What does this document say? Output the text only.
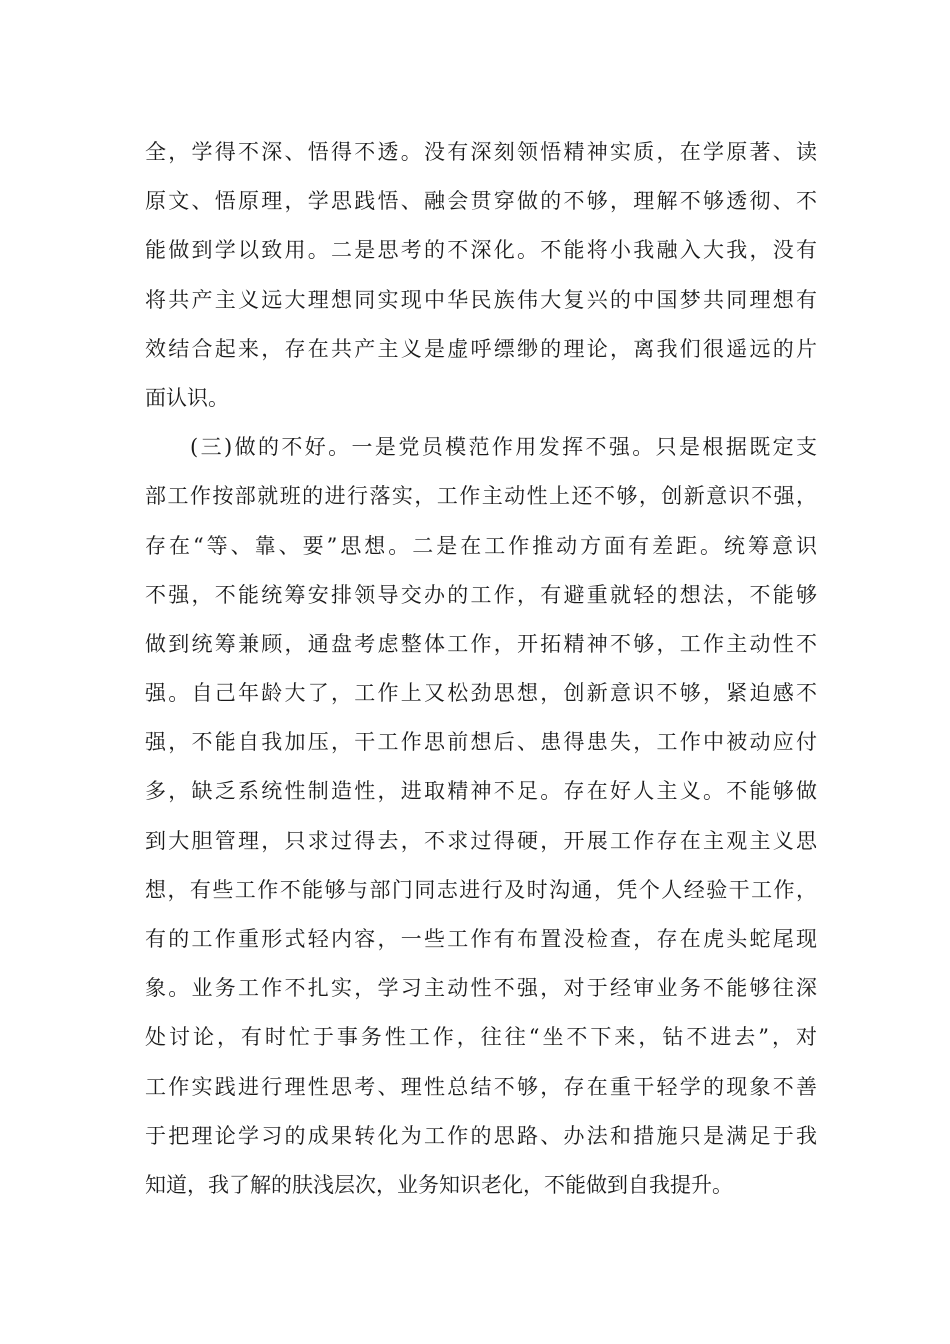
全，学得不深、悟得不透。没有深刻领悟精神实质，在学原著、读
原文、悟原理，学思践悟、融会贯穿做的不够，理解不够透彻、不
能做到学以致用。二是思考的不深化。不能将小我融入大我，没有
将共产主义远大理想同实现中华民族伟大复兴的中国梦共同理想有
效结合起来，存在共产主义是虚呼缥缈的理论，离我们很遥远的片
面认识。
(三)做的不好。一是党员模范作用发挥不强。只是根据既定支
部工作按部就班的进行落实，工作主动性上还不够，创新意识不强，
存在“等、靠、要”思想。二是在工作推动方面有差距。统筹意识
不强，不能统筹安排领导交办的工作，有避重就轻的想法，不能够
做到统筹兼顾，通盘考虑整体工作，开拓精神不够，工作主动性不
强。自己年龄大了，工作上又松劲思想，创新意识不够，紧迫感不
强，不能自我加压，干工作思前想后、患得患失，工作中被动应付
多，缺乏系统性制造性，进取精神不足。存在好人主义。不能够做
到大胆管理，只求过得去，不求过得硬，开展工作存在主观主义思
想，有些工作不能够与部门同志进行及时沟通，凭个人经验干工作，
有的工作重形式轻内容，一些工作有布置没检查，存在虎头蛇尾现
象。业务工作不扎实，学习主动性不强，对于经审业务不能够往深
处讨论，有时忙于事务性工作，往往“坐不下来，钻不进去”，对
工作实践进行理性思考、理性总结不够，存在重干轻学的现象不善
于把理论学习的成果转化为工作的思路、办法和措施只是满足于我
知道，我了解的肤浅层次，业务知识老化，不能做到自我提升。
